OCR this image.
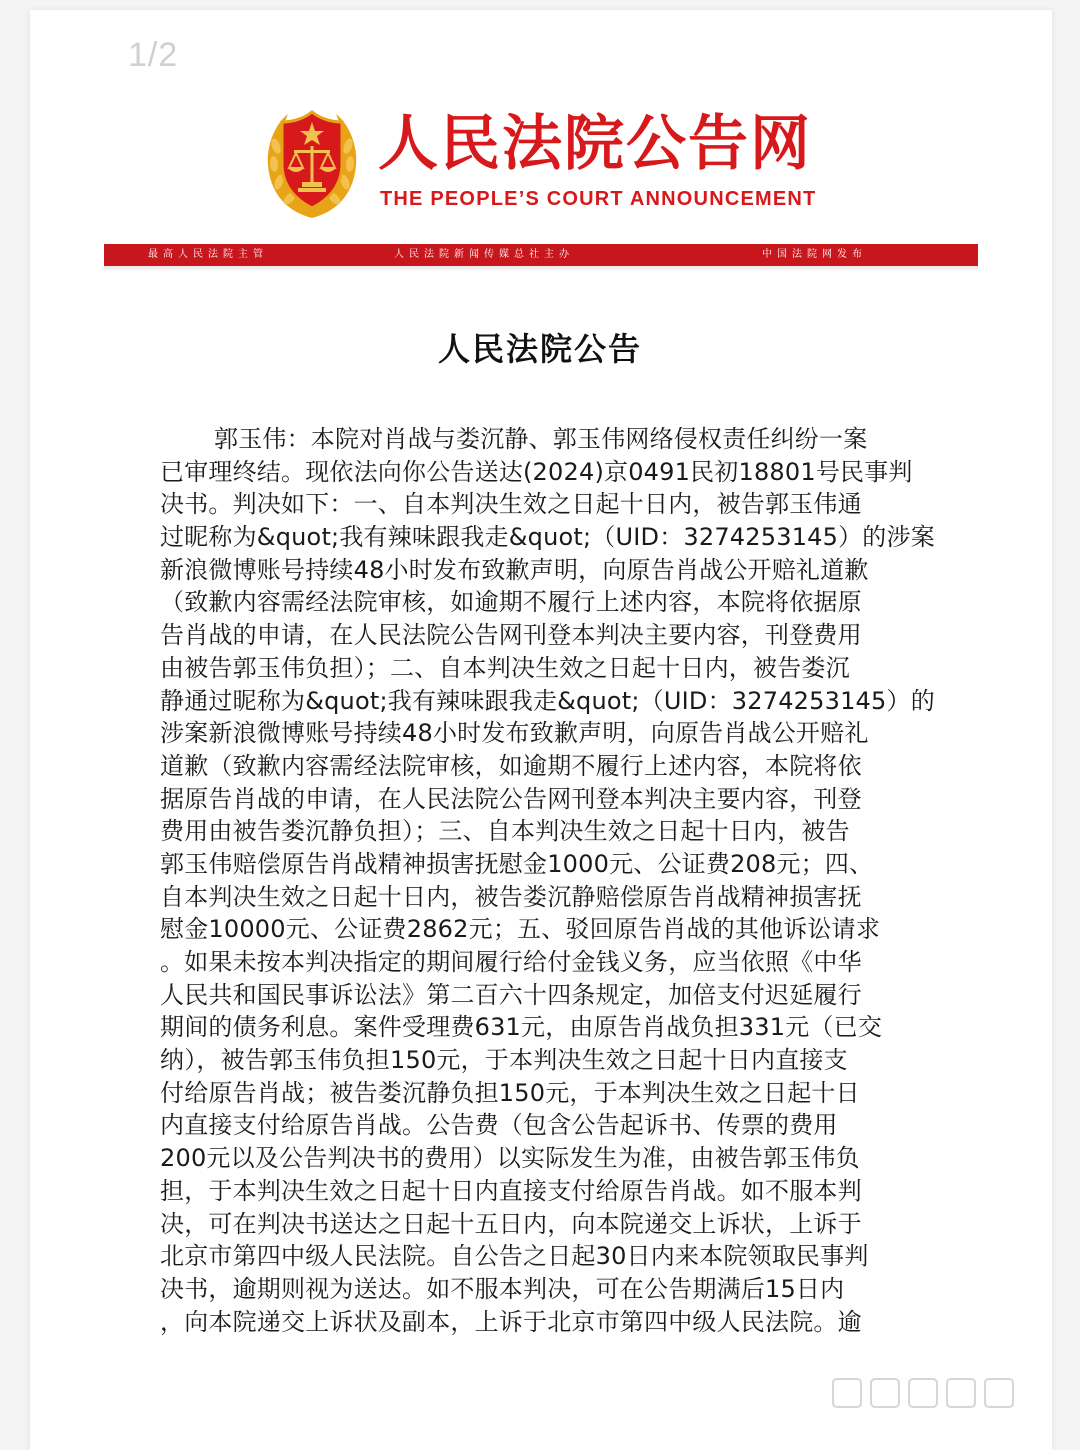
1/2
人民法院公告网
THE PEOPLE’S COURT ANNOUNCEMENT
最高人民法院主管	人民法院新闻传媒总社主办	中国法院网发布
人民法院公告
郭玉伟：本院对肖战与娄沉静、郭玉伟网络侵权责任纠纷一案
已审理终结。现依法向你公告送达(2024)京0491民初18801号民事判
决书。判决如下：一、自本判决生效之日起十日内，被告郭玉伟通
过昵称为&quot;我有辣味跟我走&quot;（UID：3274253145）的涉案
新浪微博账号持续48小时发布致歉声明，向原告肖战公开赔礼道歉
（致歉内容需经法院审核，如逾期不履行上述内容，本院将依据原
告肖战的申请，在人民法院公告网刊登本判决主要内容，刊登费用
由被告郭玉伟负担）；二、自本判决生效之日起十日内，被告娄沉
静通过昵称为&quot;我有辣味跟我走&quot;（UID：3274253145）的
涉案新浪微博账号持续48小时发布致歉声明，向原告肖战公开赔礼
道歉（致歉内容需经法院审核，如逾期不履行上述内容，本院将依
据原告肖战的申请，在人民法院公告网刊登本判决主要内容，刊登
费用由被告娄沉静负担）；三、自本判决生效之日起十日内，被告
郭玉伟赔偿原告肖战精神损害抚慰金1000元、公证费208元；四、
自本判决生效之日起十日内，被告娄沉静赔偿原告肖战精神损害抚
慰金10000元、公证费2862元；五、驳回原告肖战的其他诉讼请求
。如果未按本判决指定的期间履行给付金钱义务，应当依照《中华
人民共和国民事诉讼法》第二百六十四条规定，加倍支付迟延履行
期间的债务利息。案件受理费631元，由原告肖战负担331元（已交
纳），被告郭玉伟负担150元，于本判决生效之日起十日内直接支
付给原告肖战；被告娄沉静负担150元，于本判决生效之日起十日
内直接支付给原告肖战。公告费（包含公告起诉书、传票的费用
200元以及公告判决书的费用）以实际发生为准，由被告郭玉伟负
担，于本判决生效之日起十日内直接支付给原告肖战。如不服本判
决，可在判决书送达之日起十五日内，向本院递交上诉状，上诉于
北京市第四中级人民法院。自公告之日起30日内来本院领取民事判
决书，逾期则视为送达。如不服本判决，可在公告期满后15日内
，向本院递交上诉状及副本，上诉于北京市第四中级人民法院。逾
